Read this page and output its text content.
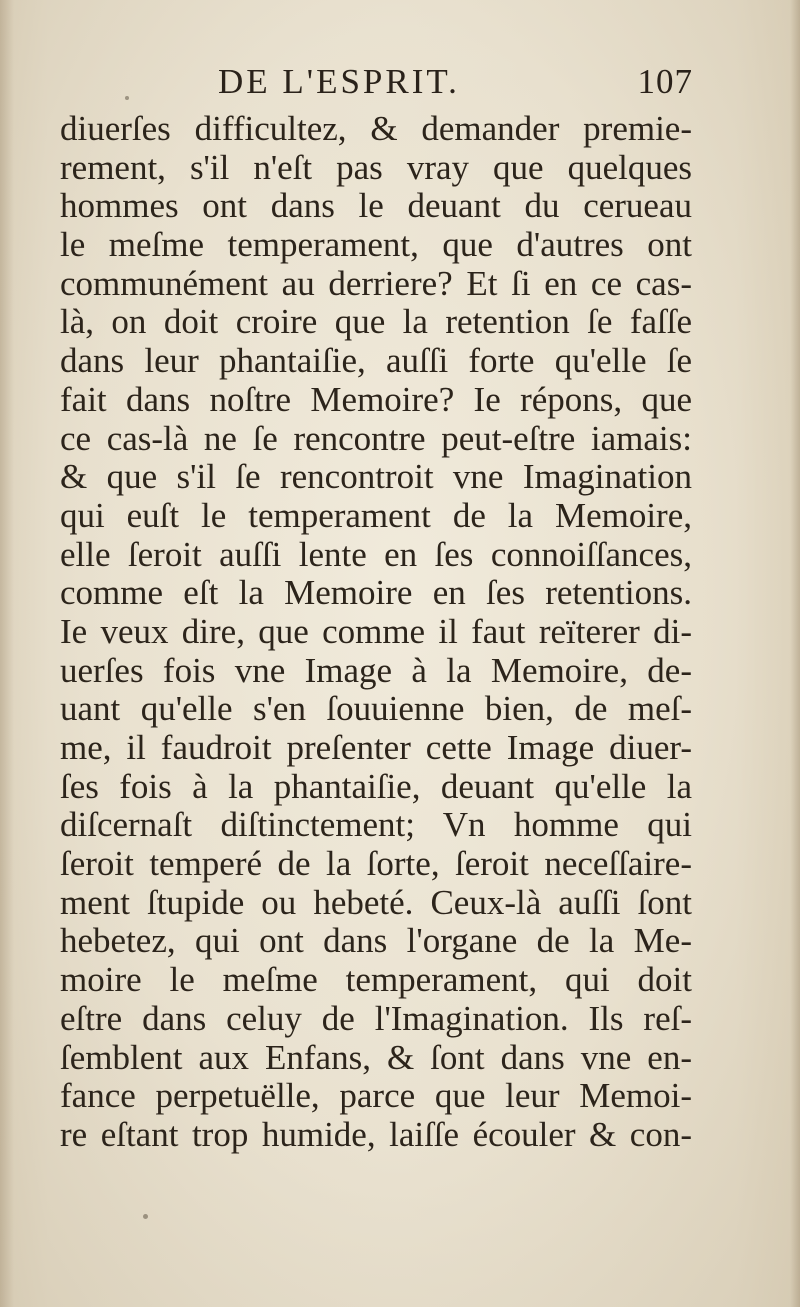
DE L'ESPRIT.	107
diuerſes difficultez, & demander premie-
rement, s'il n'eſt pas vray que quelques
hommes ont dans le deuant du cerueau
le meſme temperament, que d'autres ont
communément au derriere? Et ſi en ce cas-
là, on doit croire que la retention ſe faſſe
dans leur phantaiſie, auſſi forte qu'elle ſe
fait dans noſtre Memoire? Ie répons, que
ce cas-là ne ſe rencontre peut-eſtre iamais:
& que s'il ſe rencontroit vne Imagination
qui euſt le temperament de la Memoire,
elle ſeroit auſſi lente en ſes connoiſſances,
comme eſt la Memoire en ſes retentions.
Ie veux dire, que comme il faut reïterer di-
uerſes fois vne Image à la Memoire, de-
uant qu'elle s'en ſouuienne bien, de meſ-
me, il faudroit preſenter cette Image diuer-
ſes fois à la phantaiſie, deuant qu'elle la
diſcernaſt diſtinctement; Vn homme qui
ſeroit temperé de la ſorte, ſeroit neceſſaire-
ment ſtupide ou hebeté. Ceux-là auſſi ſont
hebetez, qui ont dans l'organe de la Me-
moire le meſme temperament, qui doit
eſtre dans celuy de l'Imagination. Ils reſ-
ſemblent aux Enfans, & ſont dans vne en-
fance perpetuëlle, parce que leur Memoi-
re eſtant trop humide, laiſſe écouler & con-
